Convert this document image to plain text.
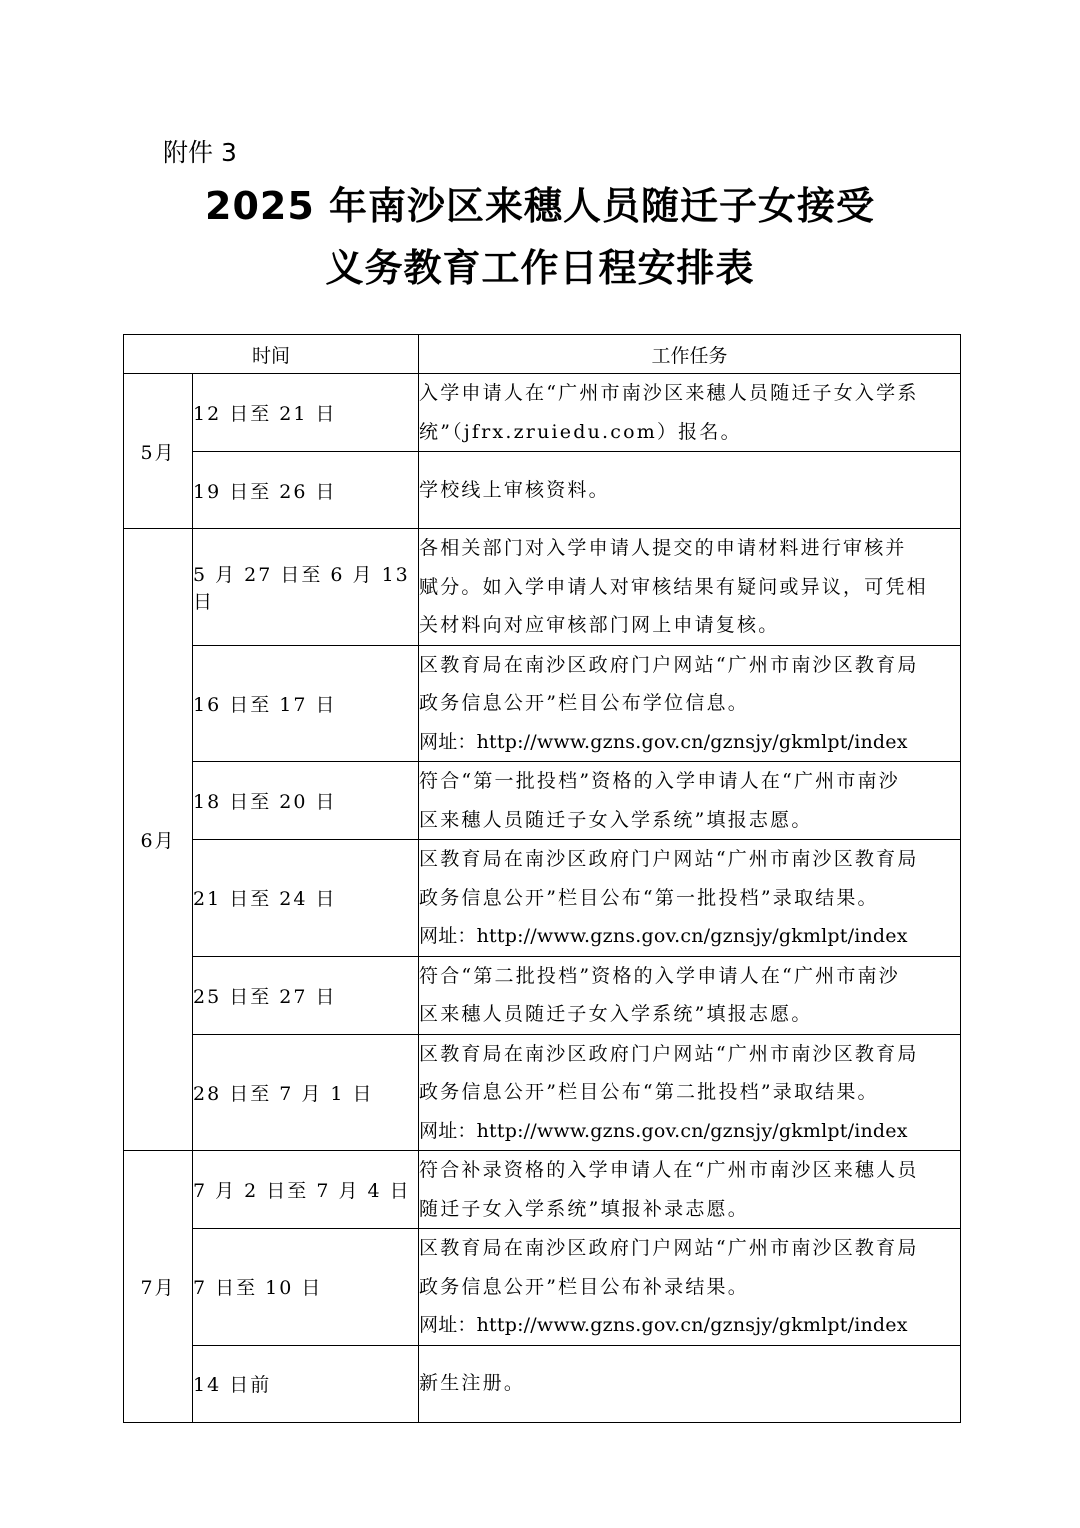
附件 3
2025 年南沙区来穗人员随迁子女接受
义务教育工作日程安排表
时间		工作任务
5月	12 日至 21 日	入学申请人在“广州市南沙区来穗人员随迁子女入学系
统”（jfrx.zruiedu.com）报名。

	19 日至 26 日	学校线上审核资料。

6月	5 月 27 日至 6 月 13 日	各相关部门对入学申请人提交的申请材料进行审核并
赋分。如入学申请人对审核结果有疑问或异议，可凭相
关材料向对应审核部门网上申请复核。

	16 日至 17 日	区教育局在南沙区政府门户网站“广州市南沙区教育局
政务信息公开”栏目公布学位信息。
网址：http://www.gzns.gov.cn/gznsjy/gkmlpt/index

	18 日至 20 日	符合“第一批投档”资格的入学申请人在“广州市南沙
区来穗人员随迁子女入学系统”填报志愿。

	21 日至 24 日	区教育局在南沙区政府门户网站“广州市南沙区教育局
政务信息公开”栏目公布“第一批投档”录取结果。
网址：http://www.gzns.gov.cn/gznsjy/gkmlpt/index

	25 日至 27 日	符合“第二批投档”资格的入学申请人在“广州市南沙
区来穗人员随迁子女入学系统”填报志愿。

	28 日至 7 月 1 日	区教育局在南沙区政府门户网站“广州市南沙区教育局
政务信息公开”栏目公布“第二批投档”录取结果。
网址：http://www.gzns.gov.cn/gznsjy/gkmlpt/index

7月	7 月 2 日至 7 月 4 日	符合补录资格的入学申请人在“广州市南沙区来穗人员
随迁子女入学系统”填报补录志愿。

	7 日至 10 日	区教育局在南沙区政府门户网站“广州市南沙区教育局
政务信息公开”栏目公布补录结果。
网址：http://www.gzns.gov.cn/gznsjy/gkmlpt/index

	14 日前	新生注册。
